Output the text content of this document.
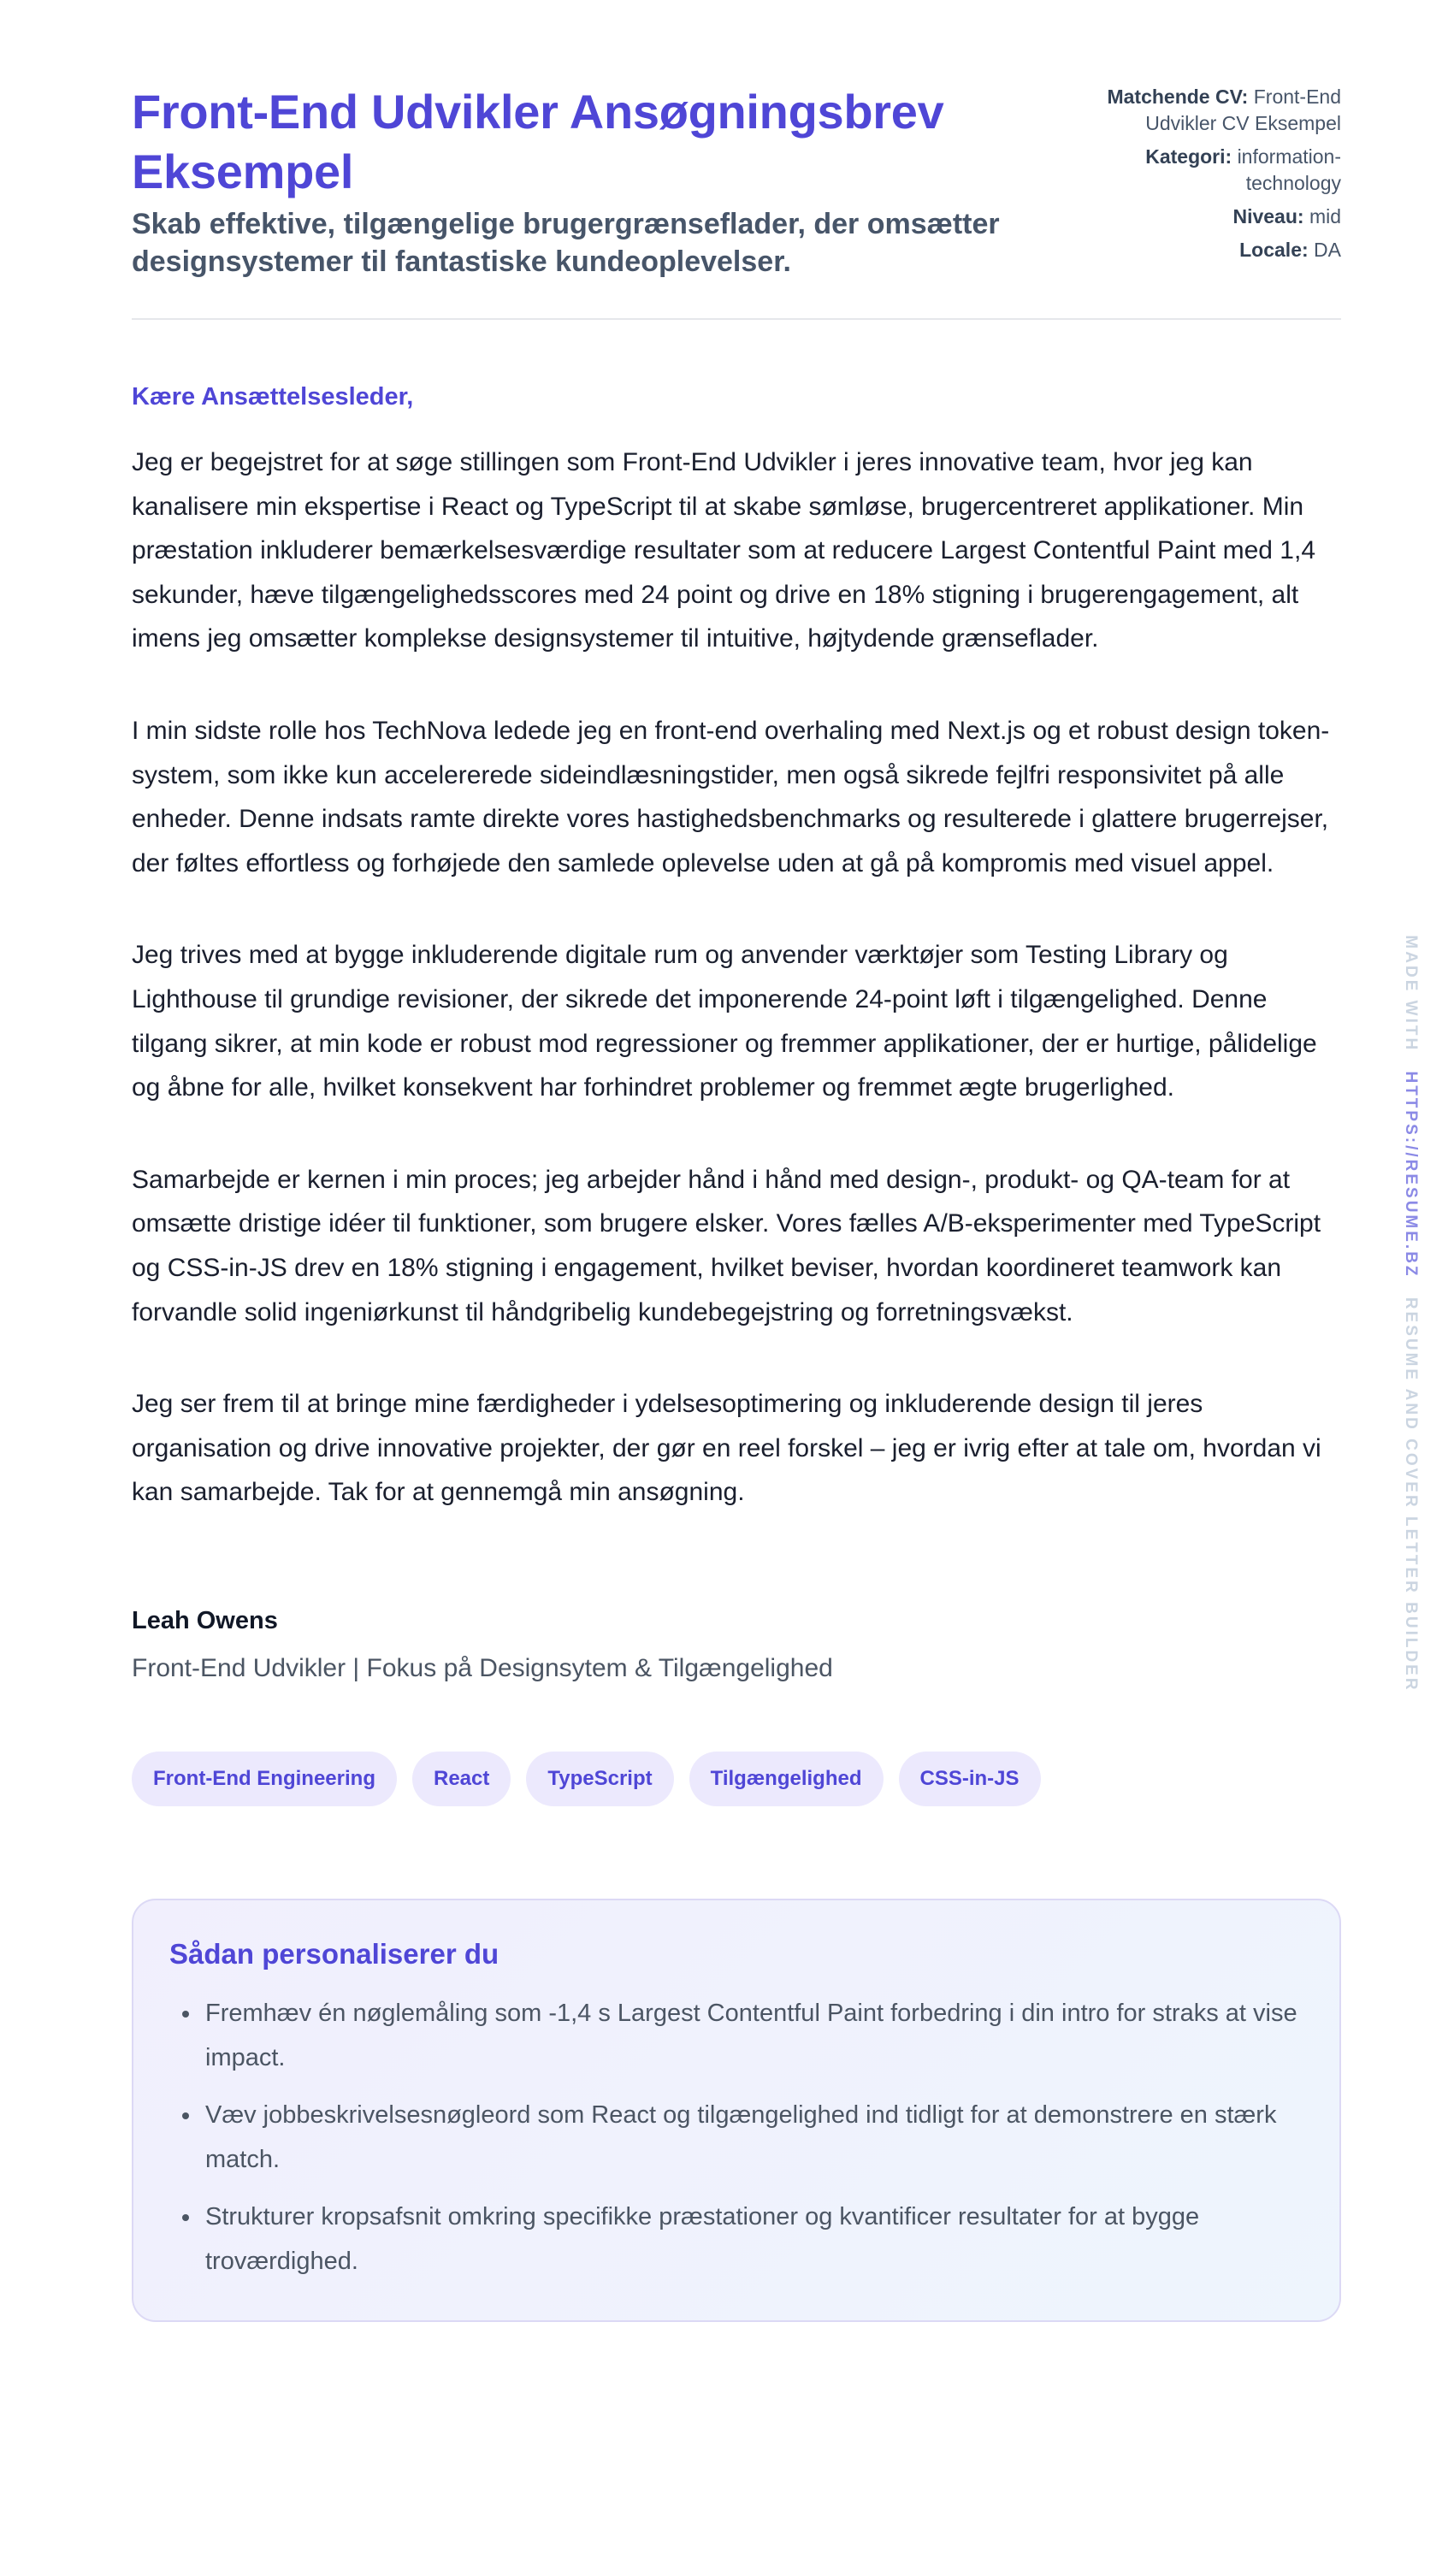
Front-End Udvikler Ansøgningsbrev Eksempel
Skab effektive, tilgængelige brugergrænseflader, der omsætter designsystemer til fantastiske kundeoplevelser.
Matchende CV: Front-End Udvikler CV Eksempel
Kategori: information-technology
Niveau: mid
Locale: DA
Kære Ansættelsesleder,

Jeg er begejstret for at søge stillingen som Front-End Udvikler i jeres innovative team, hvor jeg kan kanalisere min ekspertise i React og TypeScript til at skabe sømløse, brugercentreret applikationer. Min præstation inkluderer bemærkelsesværdige resultater som at reducere Largest Contentful Paint med 1,4 sekunder, hæve tilgængelighedsscores med 24 point og drive en 18% stigning i brugerengagement, alt imens jeg omsætter komplekse designsystemer til intuitive, højtydende grænseflader.

I min sidste rolle hos TechNova ledede jeg en front-end overhaling med Next.js og et robust design token-system, som ikke kun accelererede sideindlæsningstider, men også sikrede fejlfri responsivitet på alle enheder. Denne indsats ramte direkte vores hastighedsbenchmarks og resulterede i glattere brugerrejser, der føltes effortless og forhøjede den samlede oplevelse uden at gå på kompromis med visuel appel.

Jeg trives med at bygge inkluderende digitale rum og anvender værktøjer som Testing Library og Lighthouse til grundige revisioner, der sikrede det imponerende 24-point løft i tilgængelighed. Denne tilgang sikrer, at min kode er robust mod regressioner og fremmer applikationer, der er hurtige, pålidelige og åbne for alle, hvilket konsekvent har forhindret problemer og fremmet ægte brugerlighed.

Samarbejde er kernen i min proces; jeg arbejder hånd i hånd med design-, produkt- og QA-team for at omsætte dristige idéer til funktioner, som brugere elsker. Vores fælles A/B-eksperimenter med TypeScript og CSS-in-JS drev en 18% stigning i engagement, hvilket beviser, hvordan koordineret teamwork kan forvandle solid ingeniørkunst til håndgribelig kundebegejstring og forretningsvækst.

Jeg ser frem til at bringe mine færdigheder i ydelsesoptimering og inkluderende design til jeres organisation og drive innovative projekter, der gør en reel forskel – jeg er ivrig efter at tale om, hvordan vi kan samarbejde. Tak for at gennemgå min ansøgning.

Leah Owens
Front-End Udvikler | Fokus på Designsytem & Tilgængelighed
Front-End Engineering	React	TypeScript	Tilgængelighed	CSS-in-JS
Sådan personaliserer du
• Fremhæv én nøglemåling som -1,4 s Largest Contentful Paint forbedring i din intro for straks at vise impact.
• Væv jobbeskrivelsesnøgleord som React og tilgængelighed ind tidligt for at demonstrere en stærk match.
• Strukturer kropsafsnit omkring specifikke præstationer og kvantificer resultater for at bygge troværdighed.
MADE WITH HTTPS://RESUME.BZ RESUME AND COVER LETTER BUILDER
